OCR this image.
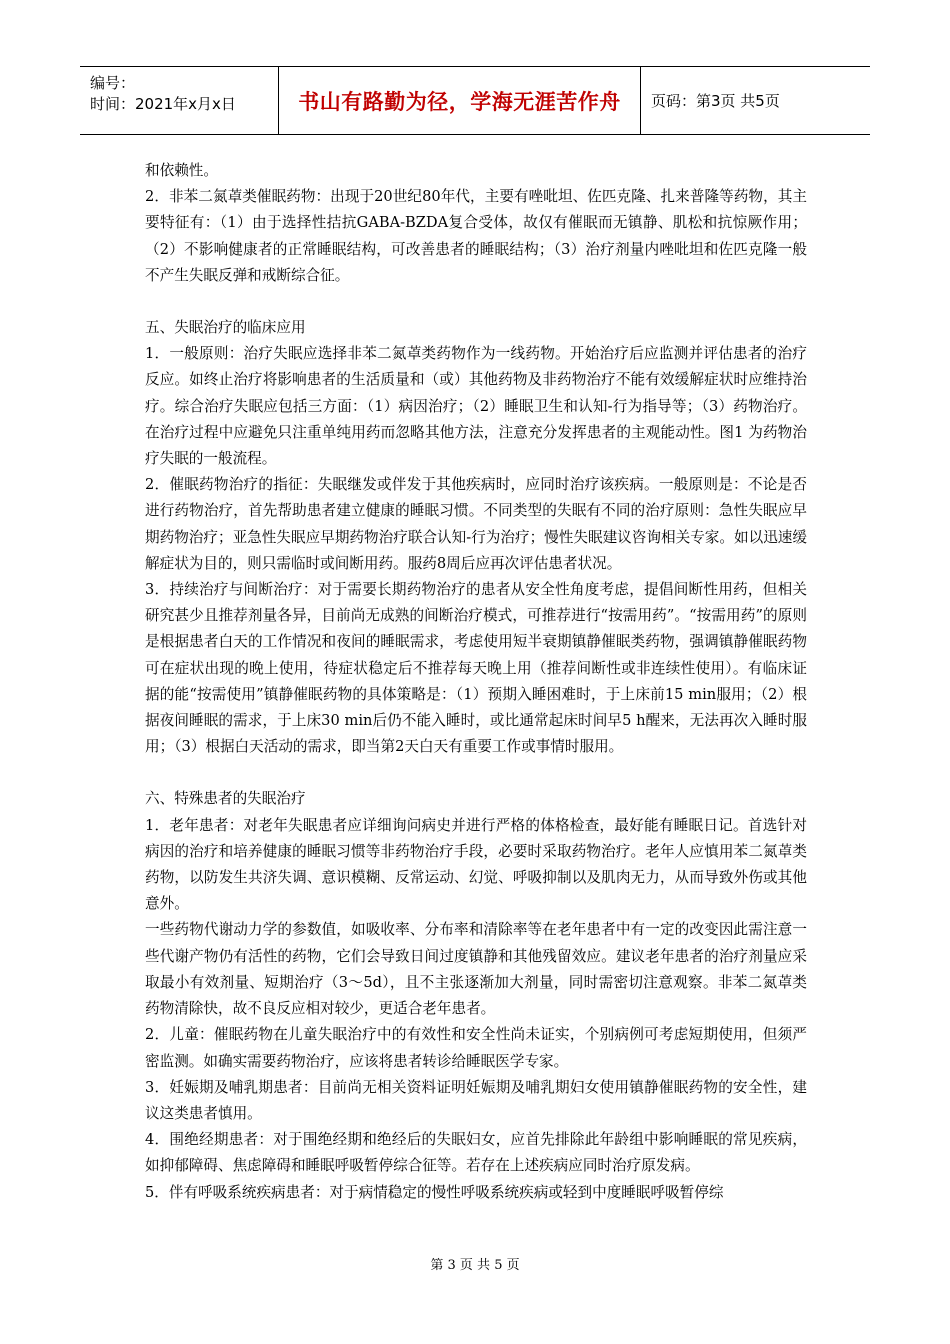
编号：
时间：2021年x月x日	书山有路勤为径，学海无涯苦作舟 页码：第3页 共5页

和依赖性。

2．非苯二氮䓬类催眠药物：出现于20世纪80年代，主要有唑吡坦、佐匹克隆、扎来普隆等药物，其主要特征有：（1）由于选择性拮抗GABA-BZDA复合受体，故仅有催眠而无镇静、肌松和抗惊厥作用；（2）不影响健康者的正常睡眠结构，可改善患者的睡眠结构；（3）治疗剂量内唑吡坦和佐匹克隆一般不产生失眠反弹和戒断综合征。

五、失眠治疗的临床应用

1．一般原则：治疗失眠应选择非苯二氮䓬类药物作为一线药物。开始治疗后应监测并评估患者的治疗反应。如终止治疗将影响患者的生活质量和（或）其他药物及非药物治疗不能有效缓解症状时应维持治疗。综合治疗失眠应包括三方面：（1）病因治疗；（2）睡眠卫生和认知-行为指导等；（3）药物治疗。在治疗过程中应避免只注重单纯用药而忽略其他方法，注意充分发挥患者的主观能动性。图1 为药物治疗失眠的一般流程。

2．催眠药物治疗的指征：失眠继发或伴发于其他疾病时，应同时治疗该疾病。一般原则是：不论是否进行药物治疗，首先帮助患者建立健康的睡眠习惯。不同类型的失眠有不同的治疗原则：急性失眠应早期药物治疗；亚急性失眠应早期药物治疗联合认知-行为治疗；慢性失眠建议咨询相关专家。如以迅速缓解症状为目的，则只需临时或间断用药。服药8周后应再次评估患者状况。

3．持续治疗与间断治疗：对于需要长期药物治疗的患者从安全性角度考虑，提倡间断性用药，但相关研究甚少且推荐剂量各异，目前尚无成熟的间断治疗模式，可推荐进行“按需用药”。“按需用药”的原则是根据患者白天的工作情况和夜间的睡眠需求，考虑使用短半衰期镇静催眠类药物，强调镇静催眠药物可在症状出现的晚上使用，待症状稳定后不推荐每天晚上用（推荐间断性或非连续性使用）。有临床证据的能“按需使用”镇静催眠药物的具体策略是：（1）预期入睡困难时，于上床前15 min服用；（2）根据夜间睡眠的需求，于上床30 min后仍不能入睡时，或比通常起床时间早5 h醒来，无法再次入睡时服用；（3）根据白天活动的需求，即当第2天白天有重要工作或事情时服用。

六、特殊患者的失眠治疗

1．老年患者：对老年失眠患者应详细询问病史并进行严格的体格检查，最好能有睡眠日记。首选针对病因的治疗和培养健康的睡眠习惯等非药物治疗手段，必要时采取药物治疗。老年人应慎用苯二氮䓬类药物，以防发生共济失调、意识模糊、反常运动、幻觉、呼吸抑制以及肌肉无力，从而导致外伤或其他意外。

一些药物代谢动力学的参数值，如吸收率、分布率和清除率等在老年患者中有一定的改变因此需注意一些代谢产物仍有活性的药物，它们会导致日间过度镇静和其他残留效应。建议老年患者的治疗剂量应采取最小有效剂量、短期治疗（3～5d），且不主张逐渐加大剂量，同时需密切注意观察。非苯二氮䓬类药物清除快，故不良反应相对较少，更适合老年患者。

2．儿童：催眠药物在儿童失眠治疗中的有效性和安全性尚未证实，个别病例可考虑短期使用，但须严密监测。如确实需要药物治疗，应该将患者转诊给睡眠医学专家。

3．妊娠期及哺乳期患者：目前尚无相关资料证明妊娠期及哺乳期妇女使用镇静催眠药物的安全性，建议这类患者慎用。

4．围绝经期患者：对于围绝经期和绝经后的失眠妇女，应首先排除此年龄组中影响睡眠的常见疾病，如抑郁障碍、焦虑障碍和睡眠呼吸暂停综合征等。若存在上述疾病应同时治疗原发病。

5．伴有呼吸系统疾病患者：对于病情稳定的慢性呼吸系统疾病或轻到中度睡眠呼吸暂停综

第 3 页 共 5 页
